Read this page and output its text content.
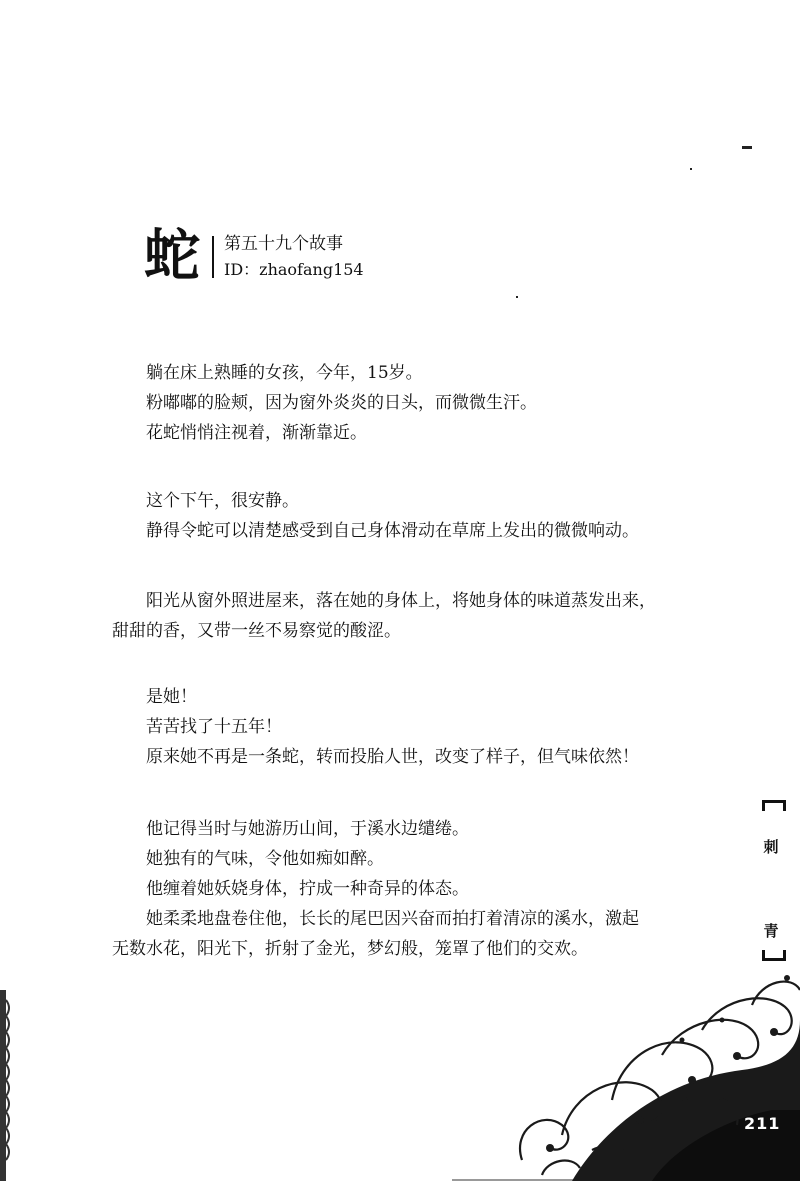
蛇 第五十九个故事
ID：zhaofang154
躺在床上熟睡的女孩，今年，15岁。
粉嘟嘟的脸颊，因为窗外炎炎的日头，而微微生汗。
花蛇悄悄注视着，渐渐靠近。
这个下午，很安静。
静得令蛇可以清楚感受到自己身体滑动在草席上发出的微微响动。
阳光从窗外照进屋来，落在她的身体上，将她身体的味道蒸发出来，
甜甜的香，又带一丝不易察觉的酸涩。
是她！
苦苦找了十五年！
原来她不再是一条蛇，转而投胎人世，改变了样子，但气味依然！
他记得当时与她游历山间，于溪水边缱绻。
她独有的气味，令他如痴如醉。
他缠着她妖娆身体，拧成一种奇异的体态。
她柔柔地盘卷住他，长长的尾巴因兴奋而拍打着清凉的溪水，激起
无数水花，阳光下，折射了金光，梦幻般，笼罩了他们的交欢。
刺
青
211
